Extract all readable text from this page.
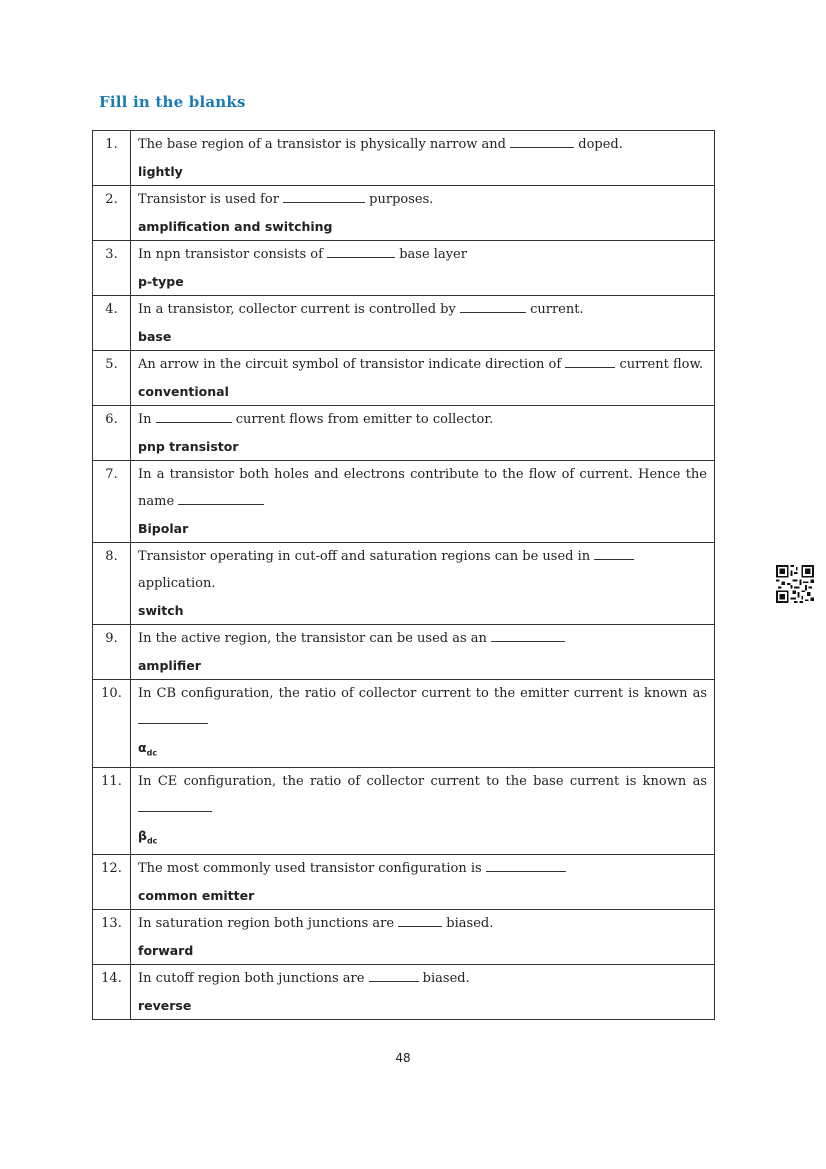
Fill in the blanks
1.	The base region of a transistor is physically narrow and doped.

lightly

2.	Transistor is used for purposes.

amplification and switching

3.	In npn transistor consists of base layer

p-type

4.	In a transistor, collector current is controlled by current.

base

5.	An arrow in the circuit symbol of transistor indicate direction of current flow.

conventional

6.	In current flows from emitter to collector.

pnp transistor

7.	In a transistor both holes and electrons contribute to the flow of current. Hence the

name

Bipolar

8.	Transistor operating in cut-off and saturation regions can be used in  application.

switch

9.	In the active region, the transistor can be used as an

amplifier

10.	In CB configuration, the ratio of collector current to the emitter current is known as

$\alpha_{dc}$

11.	In CE configuration, the ratio of collector current to the base current is known as

$\beta_{dc}$

12.	The most commonly used transistor configuration is

common emitter

13.	In saturation region both junctions are biased.

forward

14.	In cutoff region both junctions are biased.

reverse

48
